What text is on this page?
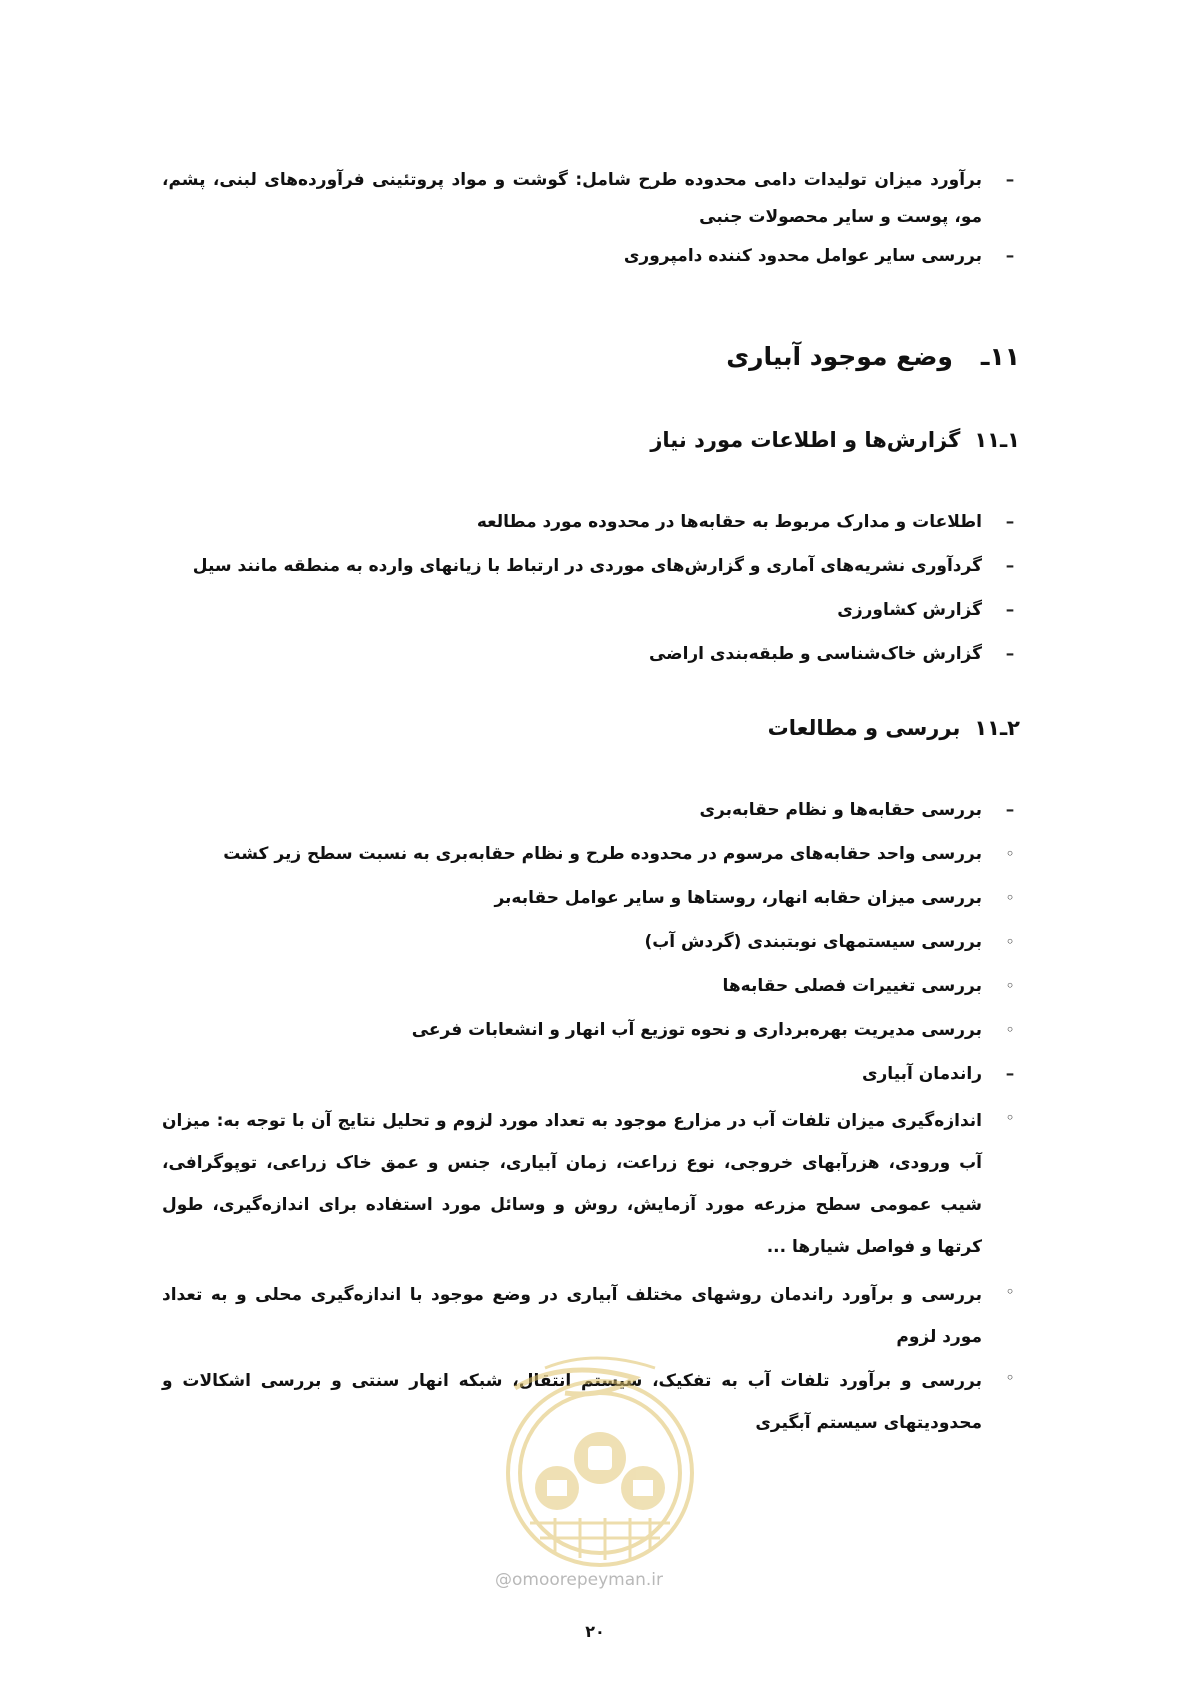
–
برآورد میزان تولیدات دامی محدوده طرح شامل: گوشت و مواد پروتئینی فرآورده‌های لبنی، پشم، مو، پوست و سایر محصولات جنبی
–
بررسی سایر عوامل محدود کننده دامپروری
۱۱ـ
وضع موجود آبیاری
۱ـ۱۱
گزارش‌ها و اطلاعات مورد نیاز
–
اطلاعات و مدارک مربوط به حقابه‌ها در محدوده مورد مطالعه
–
گردآوری نشریه‌های آماری و گزارش‌های موردی در ارتباط با زیانهای وارده به منطقه مانند سیل
–
گزارش کشاورزی
–
گزارش خاک‌شناسی و طبقه‌بندی اراضی
۲ـ۱۱
بررسی و مطالعات
–
بررسی حقابه‌ها و نظام حقابه‌بری
◦
بررسی واحد حقابه‌های مرسوم در محدوده طرح و نظام حقابه‌بری به نسبت سطح زیر کشت
◦
بررسی میزان حقابه انهار، روستاها و سایر عوامل حقابه‌بر
◦
بررسی سیستمهای نوبتبندی (گردش آب)
◦
بررسی تغییرات فصلی حقابه‌ها
◦
بررسی مدیریت بهره‌برداری و نحوه توزیع آب انهار و انشعابات فرعی
–
راندمان آبیاری
◦
اندازه‌گیری میزان تلفات آب در مزارع موجود به تعداد مورد لزوم و تحلیل نتایج آن با توجه به: میزان آب ورودی، هزرآبهای خروجی، نوع زراعت، زمان آبیاری، جنس و عمق خاک زراعی، توپوگرافی، شیب عمومی سطح مزرعه مورد آزمایش، روش و وسائل مورد استفاده برای اندازه‌گیری، طول کرتها و فواصل شیارها ...
◦
بررسی و برآورد راندمان روشهای مختلف آبیاری در وضع موجود با اندازه‌گیری محلی و به تعداد مورد لزوم
◦
بررسی و برآورد تلفات آب به تفکیک، سیستم انتقال، شبکه انهار سنتی و بررسی اشکالات و محدودیتهای سیستم آبگیری
@omoorepeyman.ir
۲۰
